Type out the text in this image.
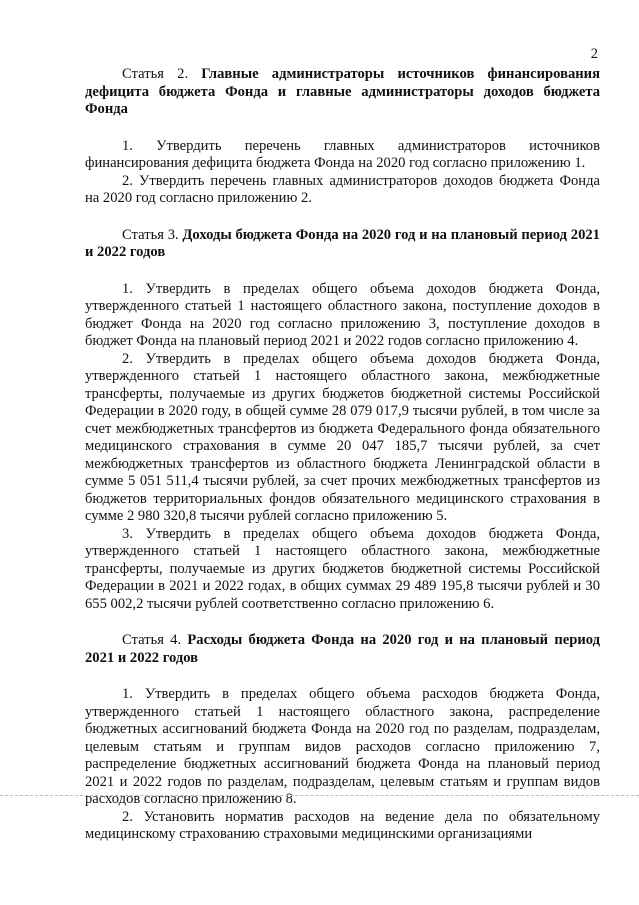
2

Статья 2. Главные администраторы источников финансирования дефицита бюджета Фонда и главные администраторы доходов бюджета Фонда

1. Утвердить перечень главных администраторов источников финансирования дефицита бюджета Фонда на 2020 год согласно приложению 1.

2. Утвердить перечень главных администраторов доходов бюджета Фонда на 2020 год согласно приложению 2.

Статья 3. Доходы бюджета Фонда на 2020 год и на плановый период 2021 и 2022 годов

1. Утвердить в пределах общего объема доходов бюджета Фонда, утвержденного статьей 1 настоящего областного закона, поступление доходов в бюджет Фонда на 2020 год согласно приложению 3, поступление доходов в бюджет Фонда на плановый период 2021 и 2022 годов согласно приложению 4.

2. Утвердить в пределах общего объема доходов бюджета Фонда, утвержденного статьей 1 настоящего областного закона, межбюджетные трансферты, получаемые из других бюджетов бюджетной системы Российской Федерации в 2020 году, в общей сумме 28 079 017,9 тысячи рублей, в том числе за счет межбюджетных трансфертов из бюджета Федерального фонда обязательного медицинского страхования в сумме 20 047 185,7 тысячи рублей, за счет межбюджетных трансфертов из областного бюджета Ленинградской области в сумме 5 051 511,4 тысячи рублей, за счет прочих межбюджетных трансфертов из бюджетов территориальных фондов обязательного медицинского страхования в сумме 2 980 320,8 тысячи рублей согласно приложению 5.

3. Утвердить в пределах общего объема доходов бюджета Фонда, утвержденного статьей 1 настоящего областного закона, межбюджетные трансферты, получаемые из других бюджетов бюджетной системы Российской Федерации в 2021 и 2022 годах, в общих суммах 29 489 195,8 тысячи рублей и 30 655 002,2 тысячи рублей соответственно согласно приложению 6.

Статья 4. Расходы бюджета Фонда на 2020 год и на плановый период 2021 и 2022 годов

1. Утвердить в пределах общего объема расходов бюджета Фонда, утвержденного статьей 1 настоящего областного закона, распределение бюджетных ассигнований бюджета Фонда на 2020 год по разделам, подразделам, целевым статьям и группам видов расходов согласно приложению 7, распределение бюджетных ассигнований бюджета Фонда на плановый период 2021 и 2022 годов по разделам, подразделам, целевым статьям и группам видов расходов согласно приложению 8.

2. Установить норматив расходов на ведение дела по обязательному медицинскому страхованию страховыми медицинскими организациями
